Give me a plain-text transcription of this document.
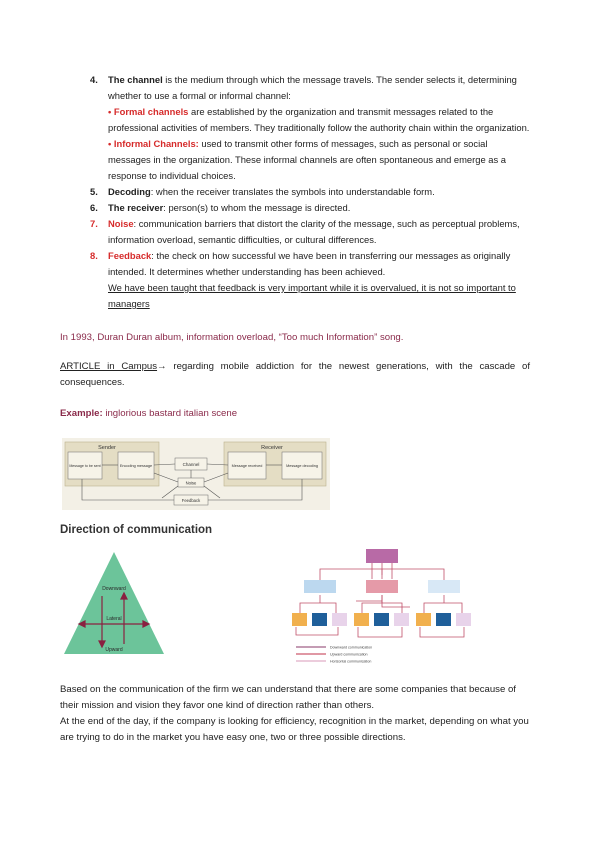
4. The channel is the medium through which the message travels. The sender selects it, determining whether to use a formal or informal channel:
• Formal channels are established by the organization and transmit messages related to the professional activities of members. They traditionally follow the authority chain within the organization.
• Informal Channels: used to transmit other forms of messages, such as personal or social messages in the organization. These informal channels are often spontaneous and emerge as a response to individual choices.
5. Decoding: when the receiver translates the symbols into understandable form.
6. The receiver: person(s) to whom the message is directed.
7. Noise: communication barriers that distort the clarity of the message, such as perceptual problems, information overload, semantic difficulties, or cultural differences.
8. Feedback: the check on how successful we have been in transferring our messages as originally intended. It determines whether understanding has been achieved.
We have been taught that feedback is very important while it is overvalued, it is not so important to managers
In 1993, Duran Duran album, information overload, “Too much Information” song.
ARTICLE in Campus→ regarding mobile addiction for the newest generations, with the cascade of consequences.
Example: inglorious bastard italian scene
Sender	Receiver
Message to be sent	Encoding message	Channel
Noise
Feedback
Message received	Message decoding
Direction of communication
Downward
Lateral
Upward	Downward communication
Upward communication
Horizontal communication
Based on the communication of the firm we can understand that there are some companies that because of their mission and vision they favor one kind of direction rather than others.
At the end of the day, if the company is looking for efficiency, recognition in the market, depending on what you are trying to do in the market you have easy one, two or three possible directions.
